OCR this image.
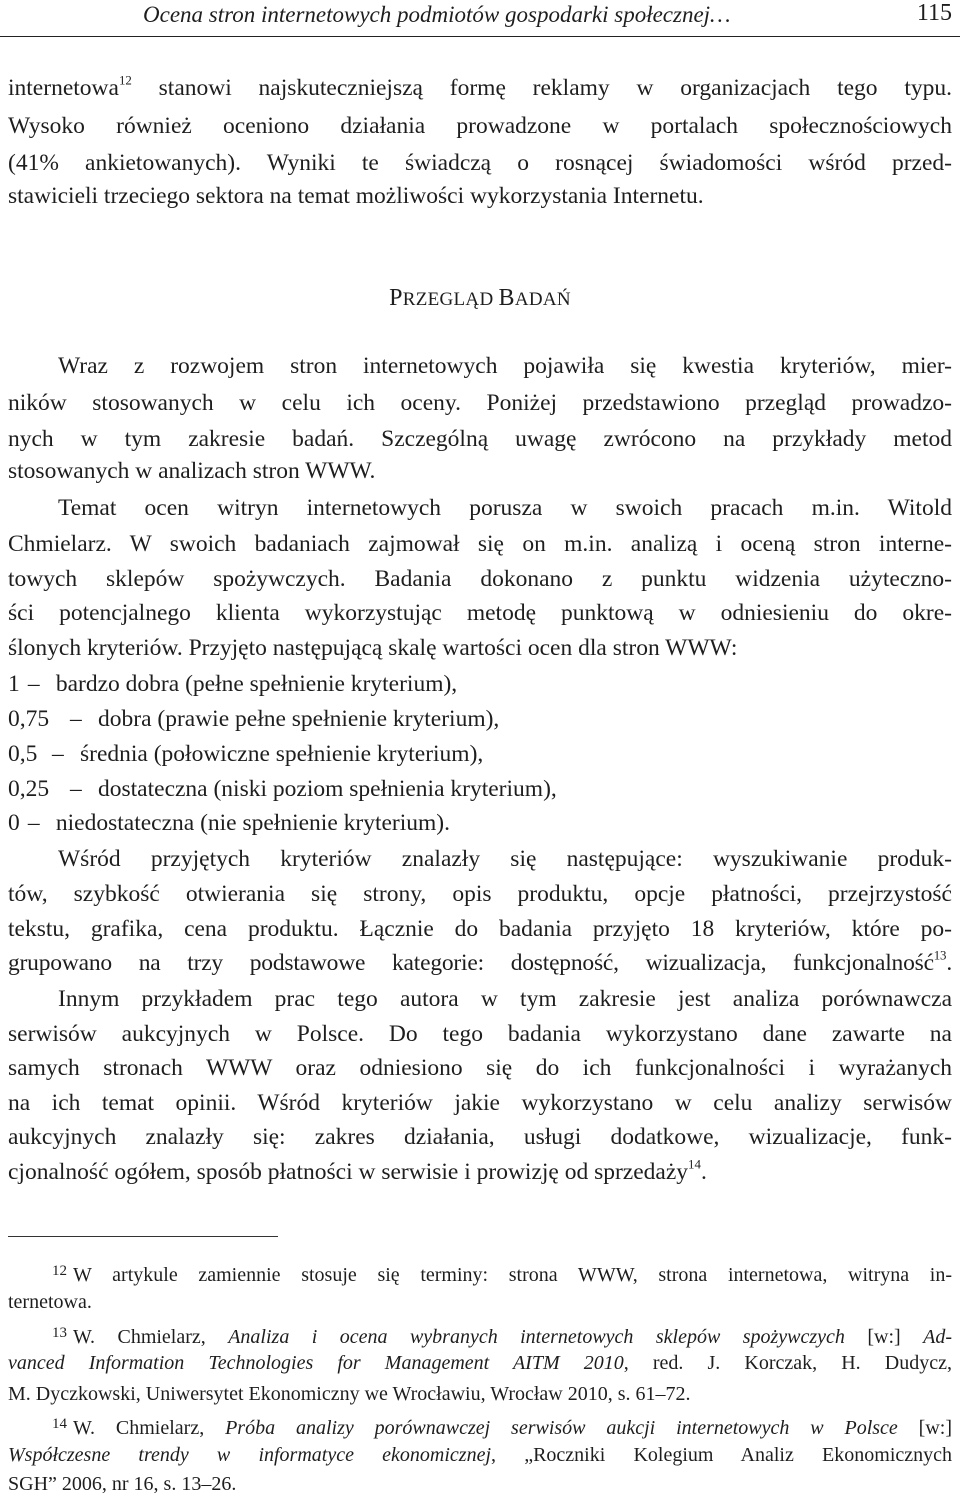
Ocena stron internetowych podmiotów gospodarki społecznej…	115
internetowa$^{12}$ stanowi najskuteczniejszą formę reklamy w organizacjach tego typu.
Wysoko również oceniono działania prowadzone w portalach społecznościowych
(41% ankietowanych). Wyniki te świadczą o rosnącej świadomości wśród przed-
stawicieli trzeciego sektora na temat możliwości wykorzystania Internetu.
PRZEGLĄD BADAŃ
Wraz z rozwojem stron internetowych pojawiła się kwestia kryteriów, mier-
ników stosowanych w celu ich oceny. Poniżej przedstawiono przegląd prowadzo-
nych w tym zakresie badań. Szczególną uwagę zwrócono na przykłady metod
stosowanych w analizach stron WWW.
Temat ocen witryn internetowych porusza w swoich pracach m.in. Witold
Chmielarz. W swoich badaniach zajmował się on m.in. analizą i oceną stron interne-
towych sklepów spożywczych. Badania dokonano z punktu widzenia użyteczno-
ści potencjalnego klienta wykorzystując metodę punktową w odniesieniu do okre-
ślonych kryteriów. Przyjęto następującą skalę wartości ocen dla stron WWW:
1 – bardzo dobra (pełne spełnienie kryterium),
0,75 – dobra (prawie pełne spełnienie kryterium),
0,5 – średnia (połowiczne spełnienie kryterium),
0,25 – dostateczna (niski poziom spełnienia kryterium),
0 – niedostateczna (nie spełnienie kryterium).
Wśród przyjętych kryteriów znalazły się następujące: wyszukiwanie produk-
tów, szybkość otwierania się strony, opis produktu, opcje płatności, przejrzystość
tekstu, grafika, cena produktu. Łącznie do badania przyjęto 18 kryteriów, które po-
grupowano na trzy podstawowe kategorie: dostępność, wizualizacja, funkcjonalność$^{13}$.
Innym przykładem prac tego autora w tym zakresie jest analiza porównawcza
serwisów aukcyjnych w Polsce. Do tego badania wykorzystano dane zawarte na
samych stronach WWW oraz odniesiono się do ich funkcjonalności i wyrażanych
na ich temat opinii. Wśród kryteriów jakie wykorzystano w celu analizy serwisów
aukcyjnych znalazły się: zakres działania, usługi dodatkowe, wizualizacje, funk-
cjonalność ogółem, sposób płatności w serwisie i prowizję od sprzedaży$^{14}$.
$^{12}$ W artykule zamiennie stosuje się terminy: strona WWW, strona internetowa, witryna in-
ternetowa.
$^{13}$ W. Chmielarz, Analiza i ocena wybranych internetowych sklepów spożywczych [w:] Ad-
vanced Information Technologies for Management AITM 2010, red. J. Korczak, H. Dudycz,
M. Dyczkowski, Uniwersytet Ekonomiczny we Wrocławiu, Wrocław 2010, s. 61–72.
$^{14}$ W. Chmielarz, Próba analizy porównawczej serwisów aukcji internetowych w Polsce [w:]
Współczesne trendy w informatyce ekonomicznej, „Roczniki Kolegium Analiz Ekonomicznych
SGH” 2006, nr 16, s. 13–26.
